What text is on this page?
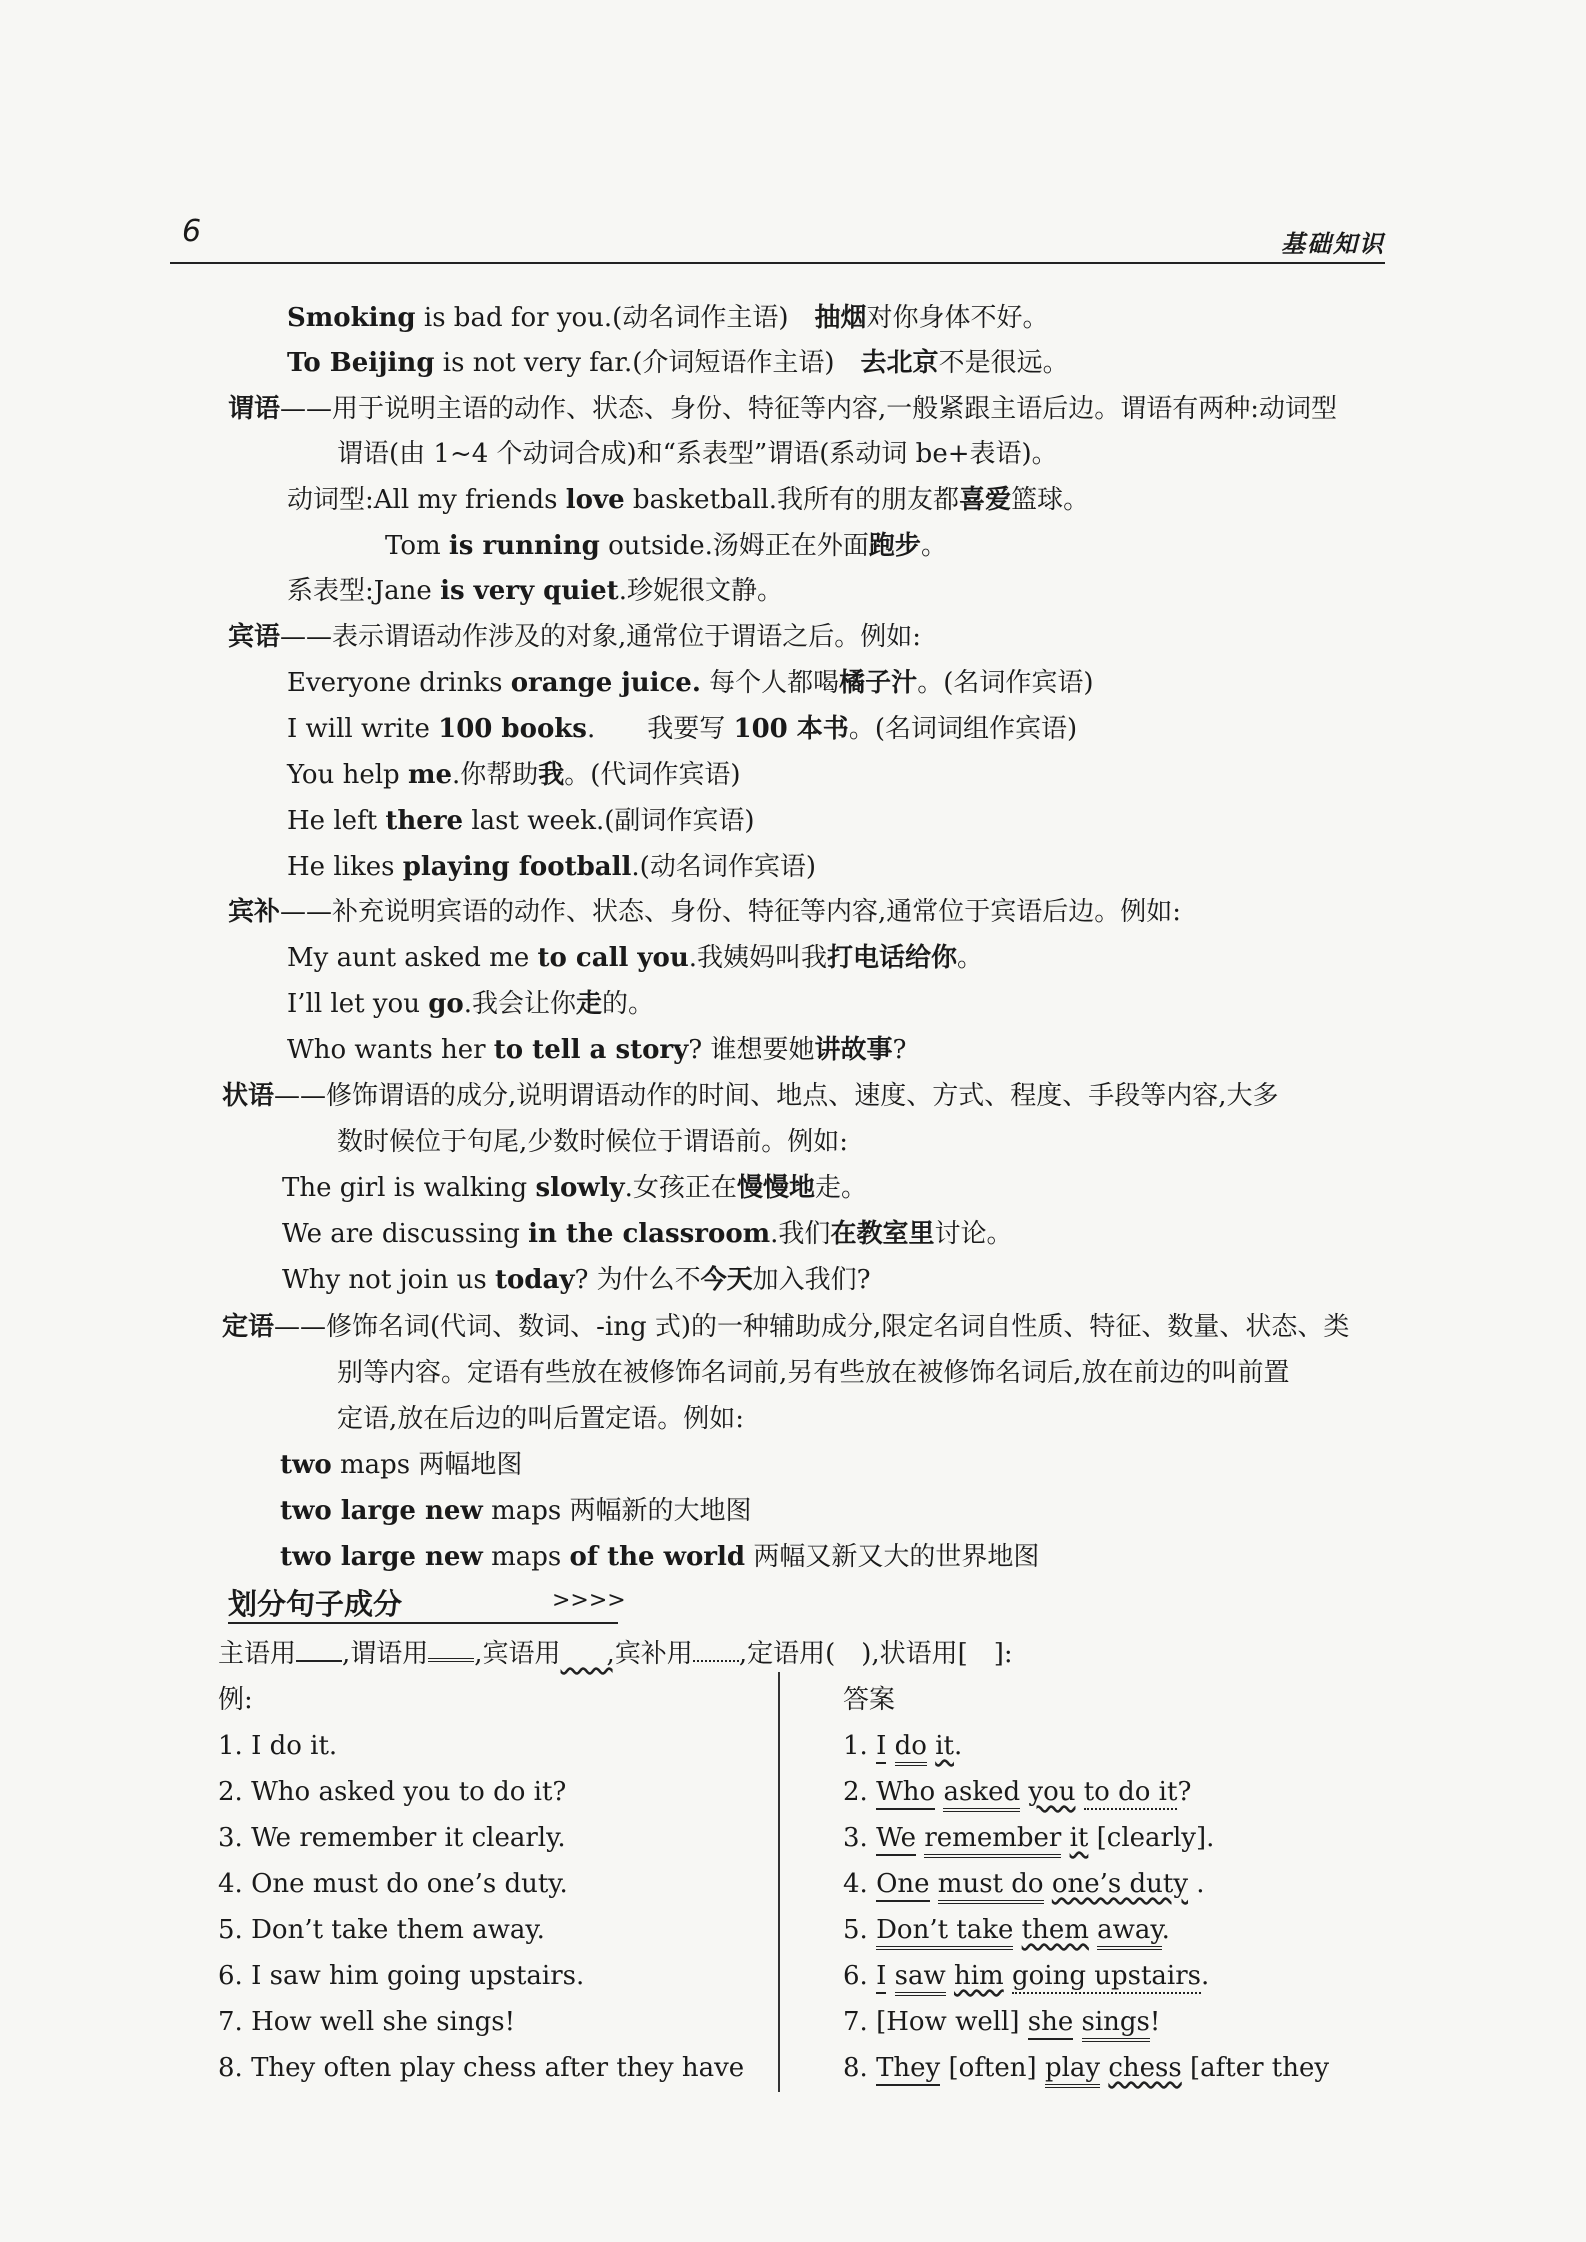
6	基础知识
Smoking is bad for you.(动名词作主语)　抽烟对你身体不好。
To Beijing is not very far.(介词短语作主语)　去北京不是很远。
谓语——用于说明主语的动作、状态、身份、特征等内容,一般紧跟主语后边。谓语有两种:动词型
谓语(由 1~4 个动词合成)和“系表型”谓语(系动词 be+表语)。
动词型:All my friends love basketball.我所有的朋友都喜爱篮球。
Tom is running outside.汤姆正在外面跑步。
系表型:Jane is very quiet.珍妮很文静。
宾语——表示谓语动作涉及的对象,通常位于谓语之后。例如:
Everyone drinks orange juice. 每个人都喝橘子汁。(名词作宾语)
I will write 100 books.　　我要写 100 本书。(名词词组作宾语)
You help me.你帮助我。(代词作宾语)
He left there last week.(副词作宾语)
He likes playing football.(动名词作宾语)
宾补——补充说明宾语的动作、状态、身份、特征等内容,通常位于宾语后边。例如:
My aunt asked me to call you.我姨妈叫我打电话给你。
I’ll let you go.我会让你走的。
Who wants her to tell a story? 谁想要她讲故事?
状语——修饰谓语的成分,说明谓语动作的时间、地点、速度、方式、程度、手段等内容,大多
数时候位于句尾,少数时候位于谓语前。例如:
The girl is walking slowly.女孩正在慢慢地走。
We are discussing in the classroom.我们在教室里讨论。
Why not join us today? 为什么不今天加入我们?
定语——修饰名词(代词、数词、-ing 式)的一种辅助成分,限定名词自性质、特征、数量、状态、类
别等内容。定语有些放在被修饰名词前,另有些放在被修饰名词后,放在前边的叫前置
定语,放在后边的叫后置定语。例如:
two maps 两幅地图
two large new maps 两幅新的大地图
two large new maps of the world 两幅又新又大的世界地图
划分句子成分	>>>>
主语用 ,谓语用 ,宾语用​　　,宾补用 ,定语用(　),状语用[　]:
例:	答案
1. I do it.
2. Who asked you to do it?
3. We remember it clearly.
4. One must do one’s duty.
5. Don’t take them away.
6. I saw him going upstairs.
7. How well she sings!
8. They often play chess after they have
1. I do it.
2. Who asked you to do it?
3. We remember it [clearly].
4. One must do one’s duty .
5. Don’t take them away.
6. I saw him going upstairs.
7. [How well] she sings!
8. They [often] play chess [after they
